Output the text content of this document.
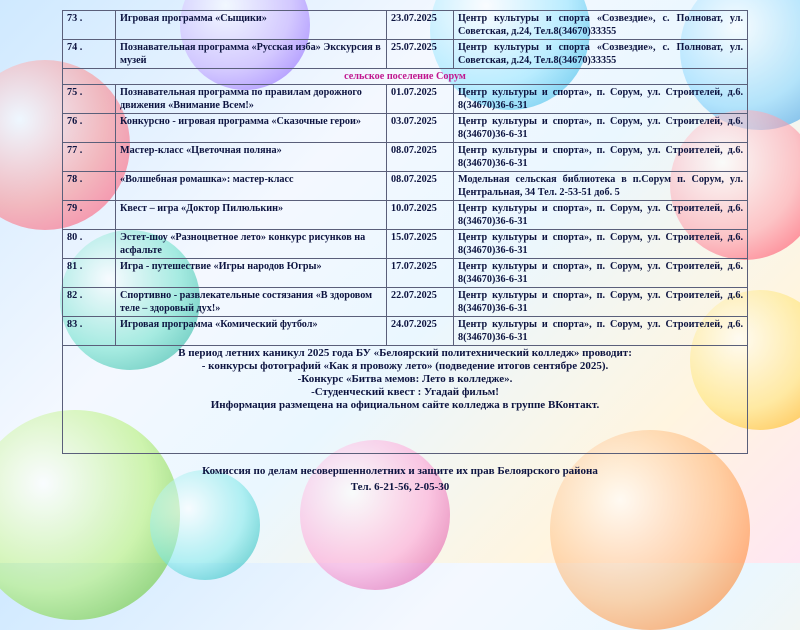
73 .	Игровая программа «Сыщики»	23.07.2025	Центр культуры и спорта «Созвездие», с. Полноват, ул. Советская, д.24, Тел.8(34670)33355
74 .	Познавательная программа «Русская изба» Экскурсия в музей	25.07.2025	Центр культуры и спорта «Созвездие», с. Полноват, ул. Советская, д.24, Тел.8(34670)33355
сельское поселение Сорум			
75 .	Познавательная программа по правилам дорожного движения «Внимание Всем!»	01.07.2025	Центр культуры и спорта», п. Сорум, ул. Строителей, д.6. 8(34670)36-6-31
76 .	Конкурсно - игровая программа «Сказочные герои»	03.07.2025	Центр культуры и спорта», п. Сорум, ул. Строителей, д.6. 8(34670)36-6-31
77 .	Мастер-класс «Цветочная поляна»	08.07.2025	Центр культуры и спорта», п. Сорум, ул. Строителей, д.6. 8(34670)36-6-31
78 .	«Волшебная ромашка»: мастер-класс	08.07.2025	Модельная сельская библиотека в п.Сорум п. Сорум, ул. Центральная, 34 Тел. 2-53-51 доб. 5
79 .	Квест – игра «Доктор Пилюлькин»	10.07.2025	Центр культуры и спорта», п. Сорум, ул. Строителей, д.6. 8(34670)36-6-31
80 .	Эстет-шоу «Разноцветное лето» конкурс рисунков на асфальте	15.07.2025	Центр культуры и спорта», п. Сорум, ул. Строителей, д.6. 8(34670)36-6-31
81 .	Игра - путешествие «Игры народов Югры»	17.07.2025	Центр культуры и спорта», п. Сорум, ул. Строителей, д.6. 8(34670)36-6-31
82 .	Спортивно - развлекательные состязания «В здоровом теле – здоровый дух!»	22.07.2025	Центр культуры и спорта», п. Сорум, ул. Строителей, д.6. 8(34670)36-6-31
83 .	Игровая программа «Комический футбол»	24.07.2025	Центр культуры и спорта», п. Сорум, ул. Строителей, д.6. 8(34670)36-6-31

В период летних каникул 2025 года БУ «Белоярский политехнический колледж» проводит:
- конкурсы фотографий «Как я провожу лето» (подведение итогов сентябре 2025).
-Конкурс «Битва мемов: Лето в колледже».
-Студенческий квест : Угадай фильм!
Информация размещена на официальном сайте колледжа в группе ВКонтакт.			
Комиссия по делам несовершеннолетних и защите их прав Белоярского района
Тел. 6-21-56, 2-05-30
